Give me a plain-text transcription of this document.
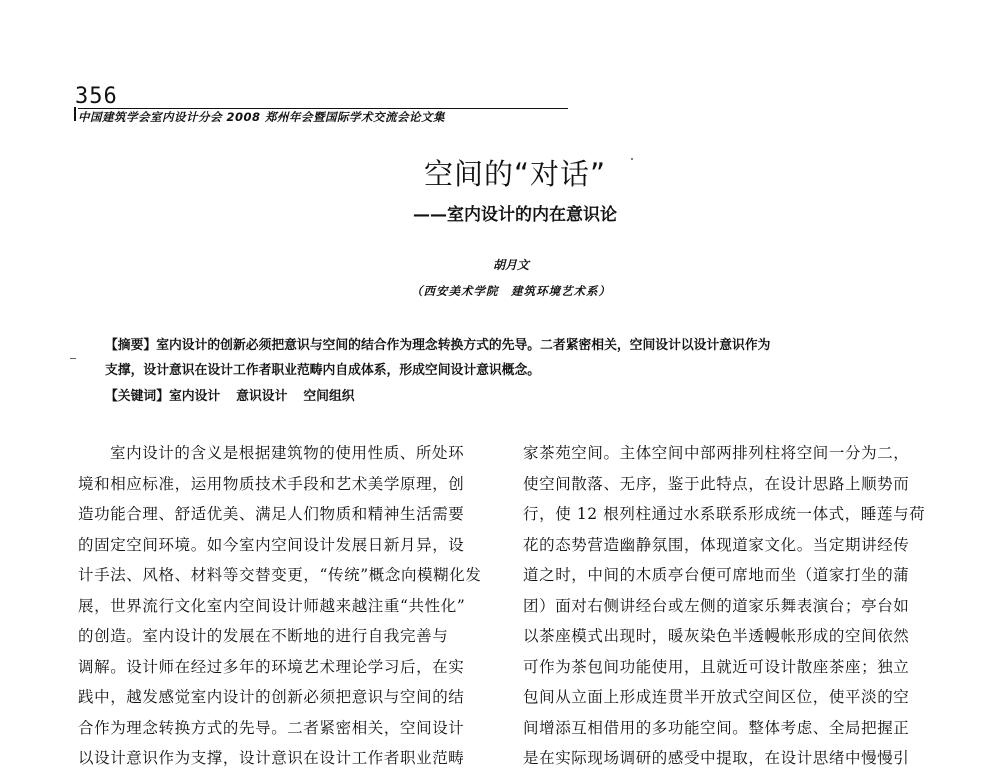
356
中国建筑学会室内设计分会 2008 郑州年会暨国际学术交流会论文集
空间的“对话”
——室内设计的内在意识论
胡月文
（西安美术学院　建筑环境艺术系）
【摘要】室内设计的创新必须把意识与空间的结合作为理念转换方式的先导。二者紧密相关，空间设计以设计意识作为
支撑，设计意识在设计工作者职业范畴内自成体系，形成空间设计意识概念。
【关键词】室内设计 意识设计 空间组织
室内设计的含义是根据建筑物的使用性质、所处环
境和相应标准，运用物质技术手段和艺术美学原理，创
造功能合理、舒适优美、满足人们物质和精神生活需要
的固定空间环境。如今室内空间设计发展日新月异，设
计手法、风格、材料等交替变更，“传统”概念向模糊化发
展，世界流行文化室内空间设计师越来越注重“共性化”
的创造。室内设计的发展在不断地的进行自我完善与
调解。设计师在经过多年的环境艺术理论学习后，在实
践中，越发感觉室内设计的创新必须把意识与空间的结
合作为理念转换方式的先导。二者紧密相关，空间设计
以设计意识作为支撑，设计意识在设计工作者职业范畴
家茶苑空间。主体空间中部两排列柱将空间一分为二，
使空间散落、无序，鉴于此特点，在设计思路上顺势而
行，使 12 根列柱通过水系联系形成统一体式，睡莲与荷
花的态势营造幽静氛围，体现道家文化。当定期讲经传
道之时，中间的木质亭台便可席地而坐（道家打坐的蒲
团）面对右侧讲经台或左侧的道家乐舞表演台；亭台如
以茶座模式出现时，暖灰染色半透幔帐形成的空间依然
可作为茶包间功能使用，且就近可设计散座茶座；独立
包间从立面上形成连贯半开放式空间区位，使平淡的空
间增添互相借用的多功能空间。整体考虑、全局把握正
是在实际现场调研的感受中提取，在设计思绪中慢慢引
